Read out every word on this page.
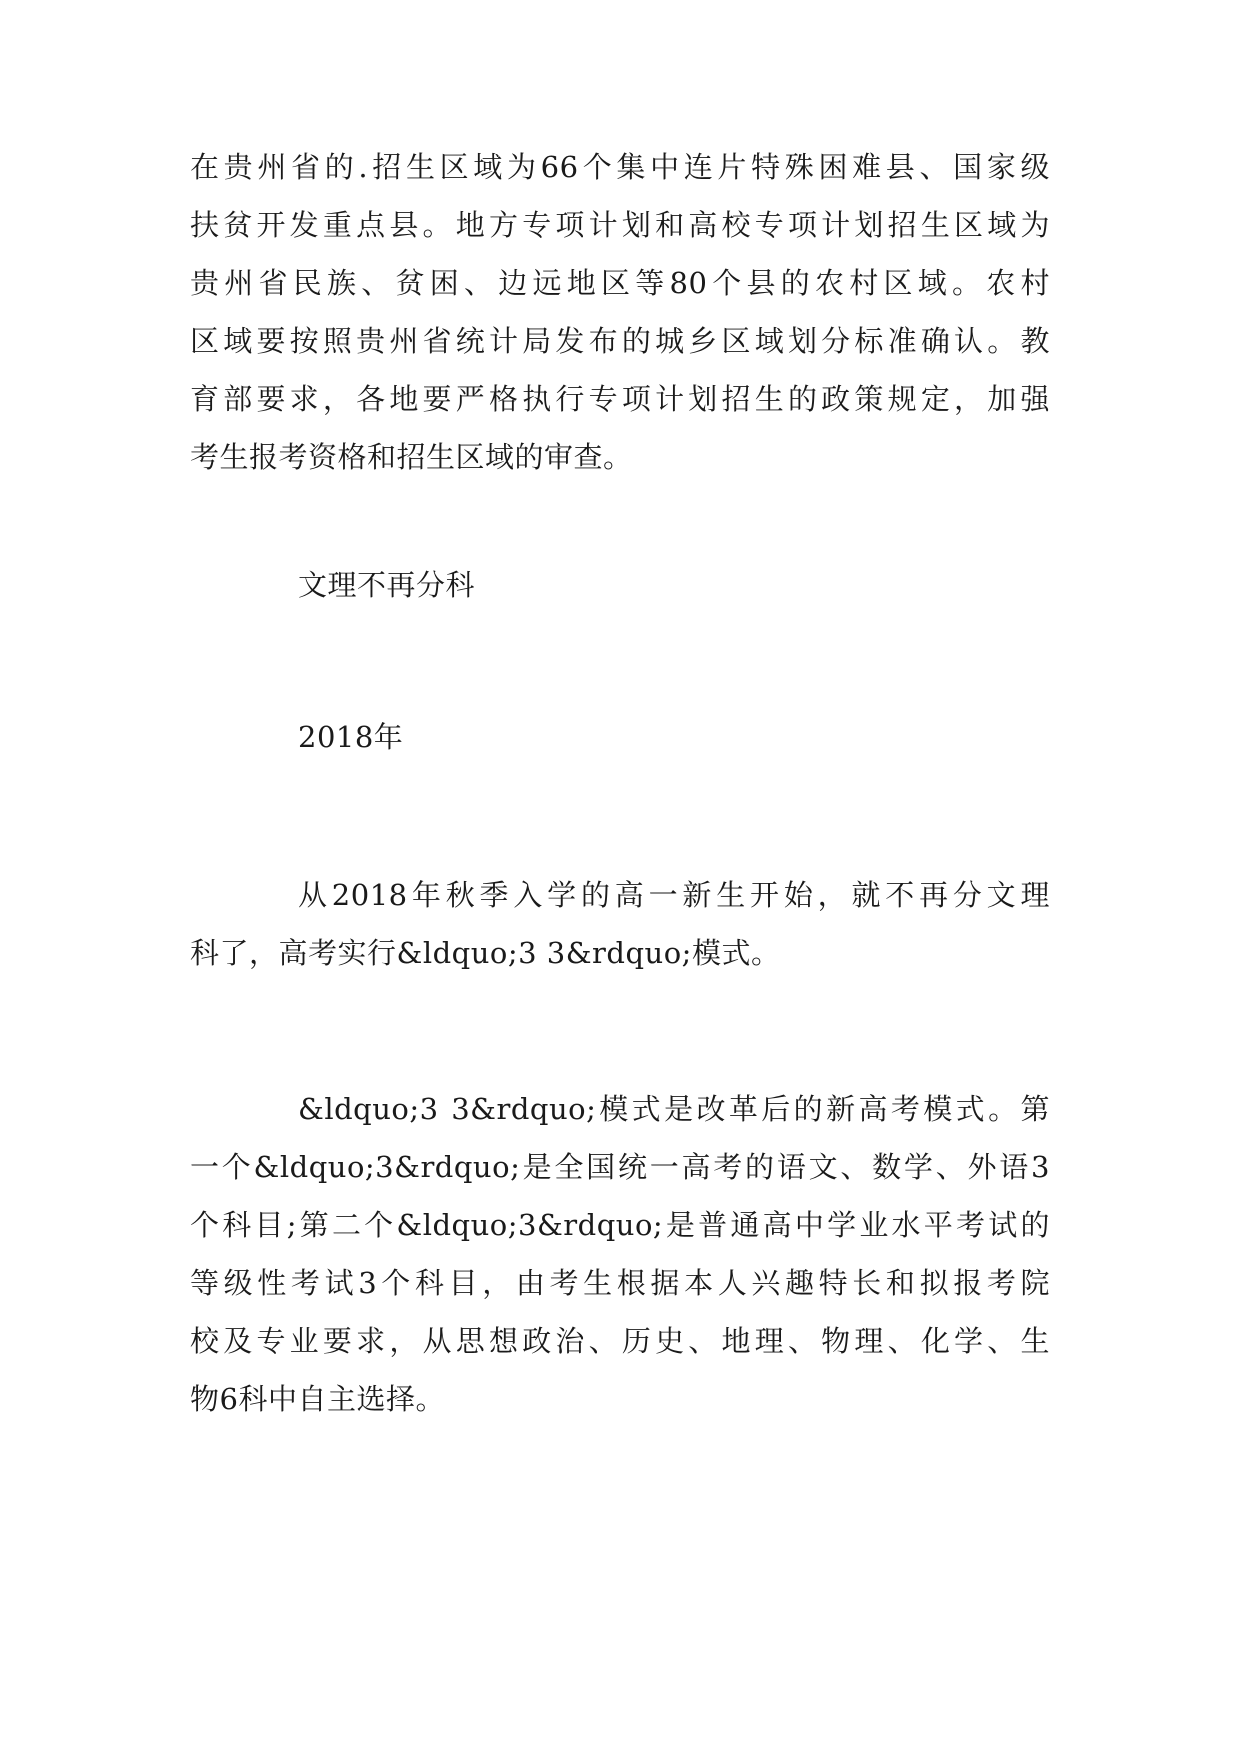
在贵州省的.招生区域为66个集中连片特殊困难县、国家级
扶贫开发重点县。地方专项计划和高校专项计划招生区域为
贵州省民族、贫困、边远地区等80个县的农村区域。农村
区域要按照贵州省统计局发布的城乡区域划分标准确认。教
育部要求，各地要严格执行专项计划招生的政策规定，加强
考生报考资格和招生区域的审查。
文理不再分科
2018年
从2018年秋季入学的高一新生开始，就不再分文理
科了，高考实行&ldquo;3 3&rdquo;模式。
&ldquo;3 3&rdquo;模式是改革后的新高考模式。第
一个&ldquo;3&rdquo;是全国统一高考的语文、数学、外语3
个科目;第二个&ldquo;3&rdquo;是普通高中学业水平考试的
等级性考试3个科目，由考生根据本人兴趣特长和拟报考院
校及专业要求，从思想政治、历史、地理、物理、化学、生
物6科中自主选择。
